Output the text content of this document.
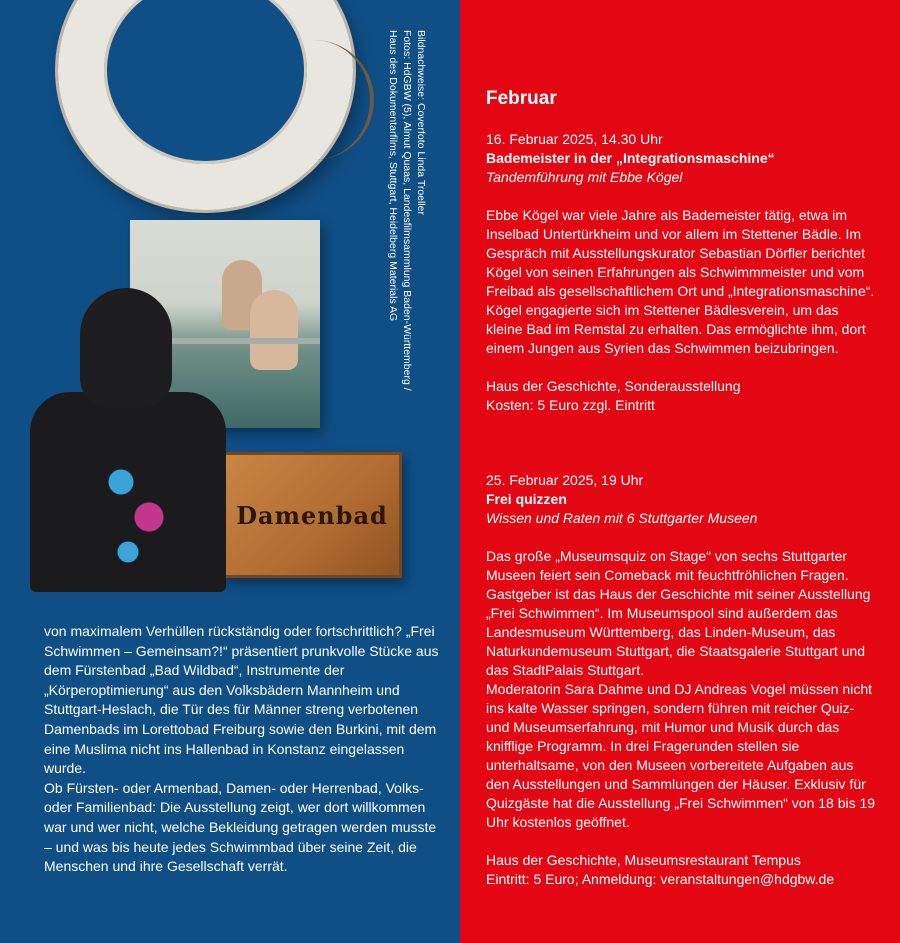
Damenbad
Bildnachweise: Coverfoto Linda Troeller
Fotos: HdGBW (5), Almut Quaas, Landesfilmsammlung Baden-Württemberg /
Haus des Dokumentarfilms, Stuttgart, Heidelberg Materials AG

von maximalem Verhüllen rückständig oder fortschrittlich? „Frei Schwimmen – Gemeinsam?!“ präsentiert prunkvolle Stücke aus dem Fürstenbad „Bad Wildbad“, Instrumente der „Körperoptimierung“ aus den Volksbädern Mannheim und Stuttgart-Heslach, die Tür des für Männer streng verbotenen Damenbads im Lorettobad Freiburg sowie den Burkini, mit dem eine Muslima nicht ins Hallenbad in Konstanz eingelassen wurde.

Ob Fürsten- oder Armenbad, Damen- oder Herrenbad, Volks- oder Familienbad: Die Ausstellung zeigt, wer dort willkommen war und wer nicht, welche Bekleidung getragen werden musste – und was bis heute jedes Schwimmbad über seine Zeit, die Menschen und ihre Gesellschaft verrät.

Februar
16. Februar 2025, 14.30 Uhr
Bademeister in der „Integrationsmaschine“
Tandemführung mit Ebbe Kögel
Ebbe Kögel war viele Jahre als Bademeister tätig, etwa im Inselbad Untertürkheim und vor allem im Stettener Bädle. Im Gespräch mit Ausstellungskurator Sebastian Dörfler berichtet Kögel von seinen Erfahrungen als Schwimmmeister und vom Freibad als gesellschaftlichem Ort und „Integrationsmaschine“. Kögel engagierte sich im Stettener Bädlesverein, um das kleine Bad im Remstal zu erhalten. Das ermöglichte ihm, dort einem Jungen aus Syrien das Schwimmen beizubringen.
Haus der Geschichte, Sonderausstellung
Kosten: 5 Euro zzgl. Eintritt
25. Februar 2025, 19 Uhr
Frei quizzen
Wissen und Raten mit 6 Stuttgarter Museen
Das große „Museumsquiz on Stage“ von sechs Stuttgarter Museen feiert sein Comeback mit feuchtfröhlichen Fragen. Gastgeber ist das Haus der Geschichte mit seiner Ausstellung „Frei Schwimmen“. Im Museumspool sind außerdem das Landesmuseum Württemberg, das Linden-Museum, das Naturkundemuseum Stuttgart, die Staatsgalerie Stuttgart und das StadtPalais Stuttgart.
Moderatorin Sara Dahme und DJ Andreas Vogel müssen nicht ins kalte Wasser springen, sondern führen mit reicher Quiz- und Museumserfahrung, mit Humor und Musik durch das knifflige Programm. In drei Fragerunden stellen sie unterhaltsame, von den Museen vorbereitete Aufgaben aus den Ausstellungen und Sammlungen der Häuser. Exklusiv für Quizgäste hat die Ausstellung „Frei Schwimmen“ von 18 bis 19 Uhr kostenlos geöffnet.
Haus der Geschichte, Museumsrestaurant Tempus
Eintritt: 5 Euro; Anmeldung: veranstaltungen@hdgbw.de
